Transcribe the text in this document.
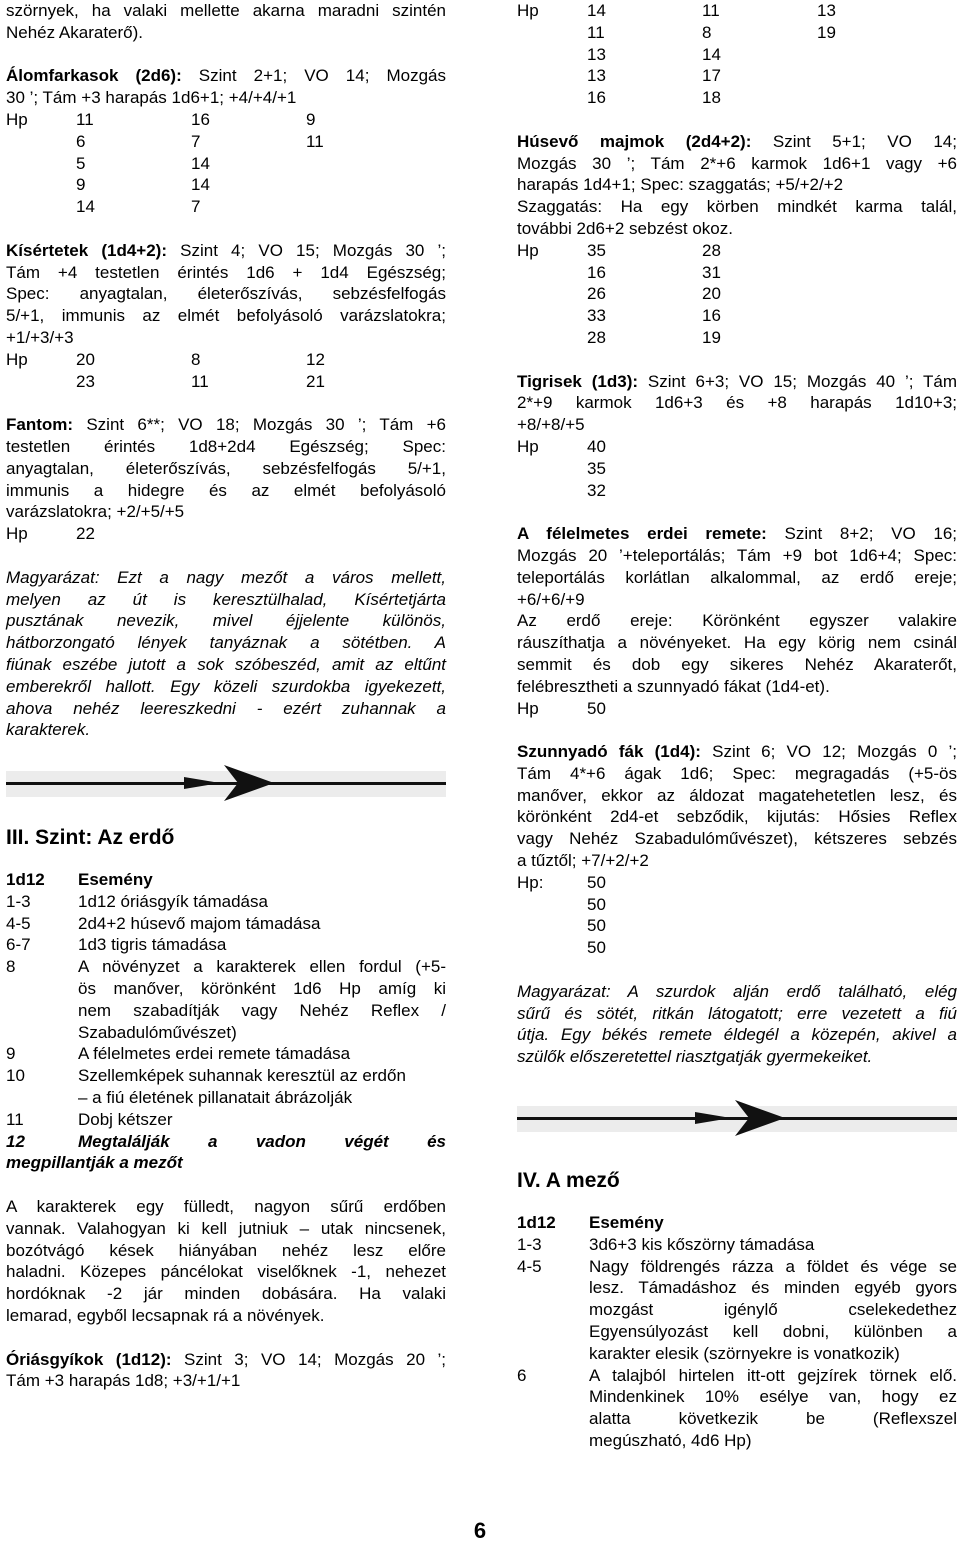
szörnyek, ha valaki mellette akarna maradni szintén

Nehéz Akaraterő).

Álomfarkasok (2d6): Szint 2+1; VO 14; Mozgás

30 ’; Tám +3 harapás 1d6+1; +4/+4/+1

Hp	11	16	9
6	7	11
5	14
9	14
14	7

Kísértetek (1d4+2): Szint 4; VO 15; Mozgás 30 ’;

Tám +4 testetlen érintés 1d6 + 1d4 Egészség;

Spec: anyagtalan, életerőszívás, sebzésfelfogás

5/+1, immunis az elmét befolyásoló varázslatokra;

+1/+3/+3

Hp	20	8	12
23	11	21

Fantom: Szint 6**; VO 18; Mozgás 30 ’; Tám +6

testetlen érintés 1d8+2d4 Egészség; Spec:

anyagtalan, életerőszívás, sebzésfelfogás 5/+1,

immunis a hidegre és az elmét befolyásoló

varázslatokra; +2/+5/+5

Hp	22

Magyarázat: Ezt a nagy mezőt a város mellett,

melyen az út is keresztülhalad, Kísértetjárta

pusztának nevezik, mivel éjjelente különös,

hátborzongató lények tanyáznak a sötétben. A

fiúnak eszébe jutott a sok szóbeszéd, amit az eltűnt

emberekről hallott. Egy közeli szurdokba igyekezett,

ahova nehéz leereszkedni - ezért zuhannak a

karakterek.

III. Szint: Az erdő
1d12	Esemény
1-3	1d12 óriásgyík támadása

4-5	2d4+2 húsevő majom támadása

6-7	1d3 tigris támadása

8	A növényzet a karakterek ellen fordul (+5-

ös manőver, körönként 1d6 Hp amíg ki

nem szabadítják vagy Nehéz Reflex /

Szabadulóművészet)

9	A félelmetes erdei remete támadása

10	Szellemképek suhannak keresztül az erdőn

– a fiú életének pillanatait ábrázolják

11	Dobj kétszer

12	Megtalálják a vadon végét és

megpillantják a mezőt

A karakterek egy fülledt, nagyon sűrű erdőben

vannak. Valahogyan ki kell jutniuk – utak nincsenek,

bozótvágó kések hiányában nehéz lesz előre

haladni. Közepes páncélokat viselőknek -1, nehezet

hordóknak -2 jár minden dobására. Ha valaki

lemarad, egyből lecsapnak rá a növények.

Óriásgyíkok (1d12): Szint 3; VO 14; Mozgás 20 ’;

Tám +3 harapás 1d8; +3/+1/+1

Hp	14	11	13
11	8	19
13	14
13	17
16	18

Húsevő majmok (2d4+2): Szint 5+1; VO 14;

Mozgás 30 ’; Tám 2*+6 karmok 1d6+1 vagy +6

harapás 1d4+1; Spec: szaggatás; +5/+2/+2

Szaggatás: Ha egy körben mindkét karma talál,

további 2d6+2 sebzést okoz.

Hp	35	28
16	31
26	20
33	16
28	19

Tigrisek (1d3): Szint 6+3; VO 15; Mozgás 40 ’; Tám

2*+9 karmok 1d6+3 és +8 harapás 1d10+3;

+8/+8/+5

Hp	40
35
32

A félelmetes erdei remete: Szint 8+2; VO 16;

Mozgás 20 ’+teleportálás; Tám +9 bot 1d6+4; Spec:

teleportálás korlátlan alkalommal, az erdő ereje;

+6/+6/+9

Az erdő ereje: Körönként egyszer valakire

ráuszíthatja a növényeket. Ha egy körig nem csinál

semmit és dob egy sikeres Nehéz Akaraterőt,

felébresztheti a szunnyadó fákat (1d4-et).

Hp	50

Szunnyadó fák (1d4): Szint 6; VO 12; Mozgás 0 ’;

Tám 4*+6 ágak 1d6; Spec: megragadás (+5-ös

manőver, ekkor az áldozat magatehetetlen lesz, és

körönként 2d4-et sebződik, kijutás: Hősies Reflex

vagy Nehéz Szabadulóművészet), kétszeres sebzés

a tűztől; +7/+2/+2

Hp:	50
50
50
50

Magyarázat: A szurdok alján erdő található, elég

sűrű és sötét, ritkán látogatott; erre vezetett a fiú

útja. Egy békés remete éldegél a közepén, akivel a

szülők előszeretettel riasztgatják gyermekeiket.

IV. A mező
1d12	Esemény
1-3	3d6+3 kis kőszörny támadása

4-5	Nagy földrengés rázza a földet és vége se

lesz. Támadáshoz és minden egyéb gyors

mozgást igénylő cselekedethez

Egyensúlyozást kell dobni, különben a

karakter elesik (szörnyekre is vonatkozik)

6	A talajból hirtelen itt-ott gejzírek törnek elő.

Mindenkinek 10% esélye van, hogy ez

alatta következik be (Reflexszel

megúszható, 4d6 Hp)

6
